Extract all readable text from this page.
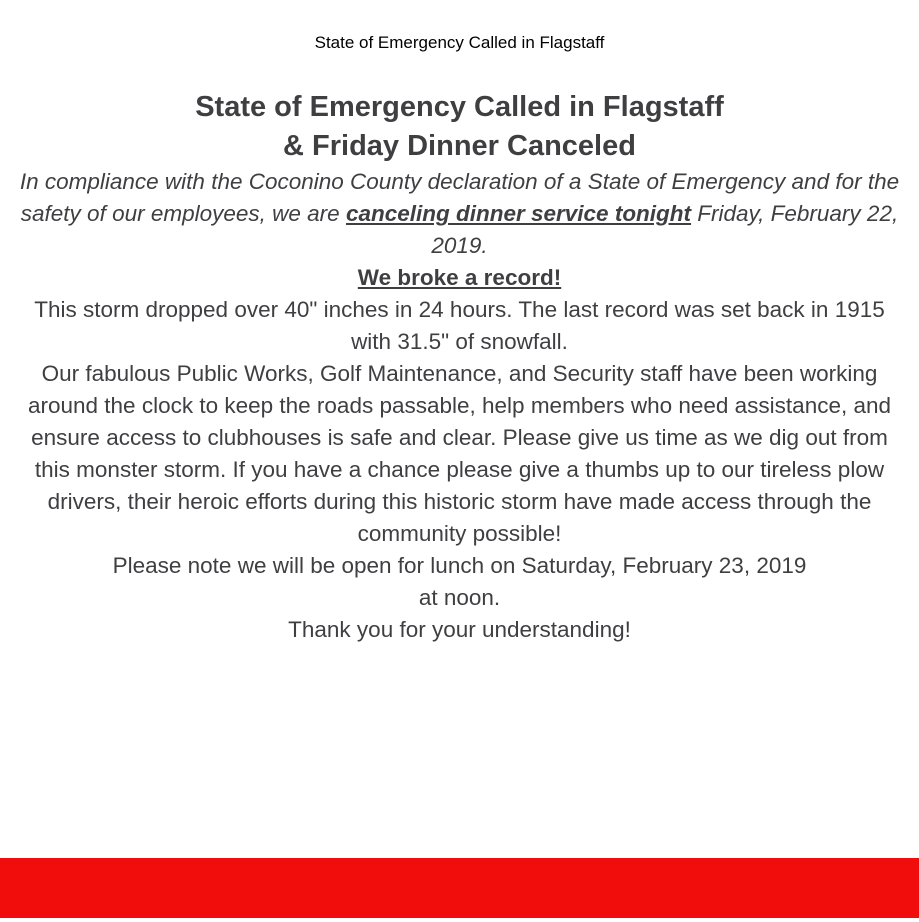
State of Emergency Called in Flagstaff
State of Emergency Called in Flagstaff
& Friday Dinner Canceled

In compliance with the Coconino County declaration of a State of Emergency and for the safety of our employees, we are canceling dinner service tonight Friday, February 22, 2019.

We broke a record!
This storm dropped over 40" inches in 24 hours. The last record was set back in 1915 with 31.5" of snowfall.

Our fabulous Public Works, Golf Maintenance, and Security staff have been working around the clock to keep the roads passable, help members who need assistance, and ensure access to clubhouses is safe and clear. Please give us time as we dig out from this monster storm. If you have a chance please give a thumbs up to our tireless plow drivers, their heroic efforts during this historic storm have made access through the community possible!

Please note we will be open for lunch on Saturday, February 23, 2019
at noon.
Thank you for your understanding!
